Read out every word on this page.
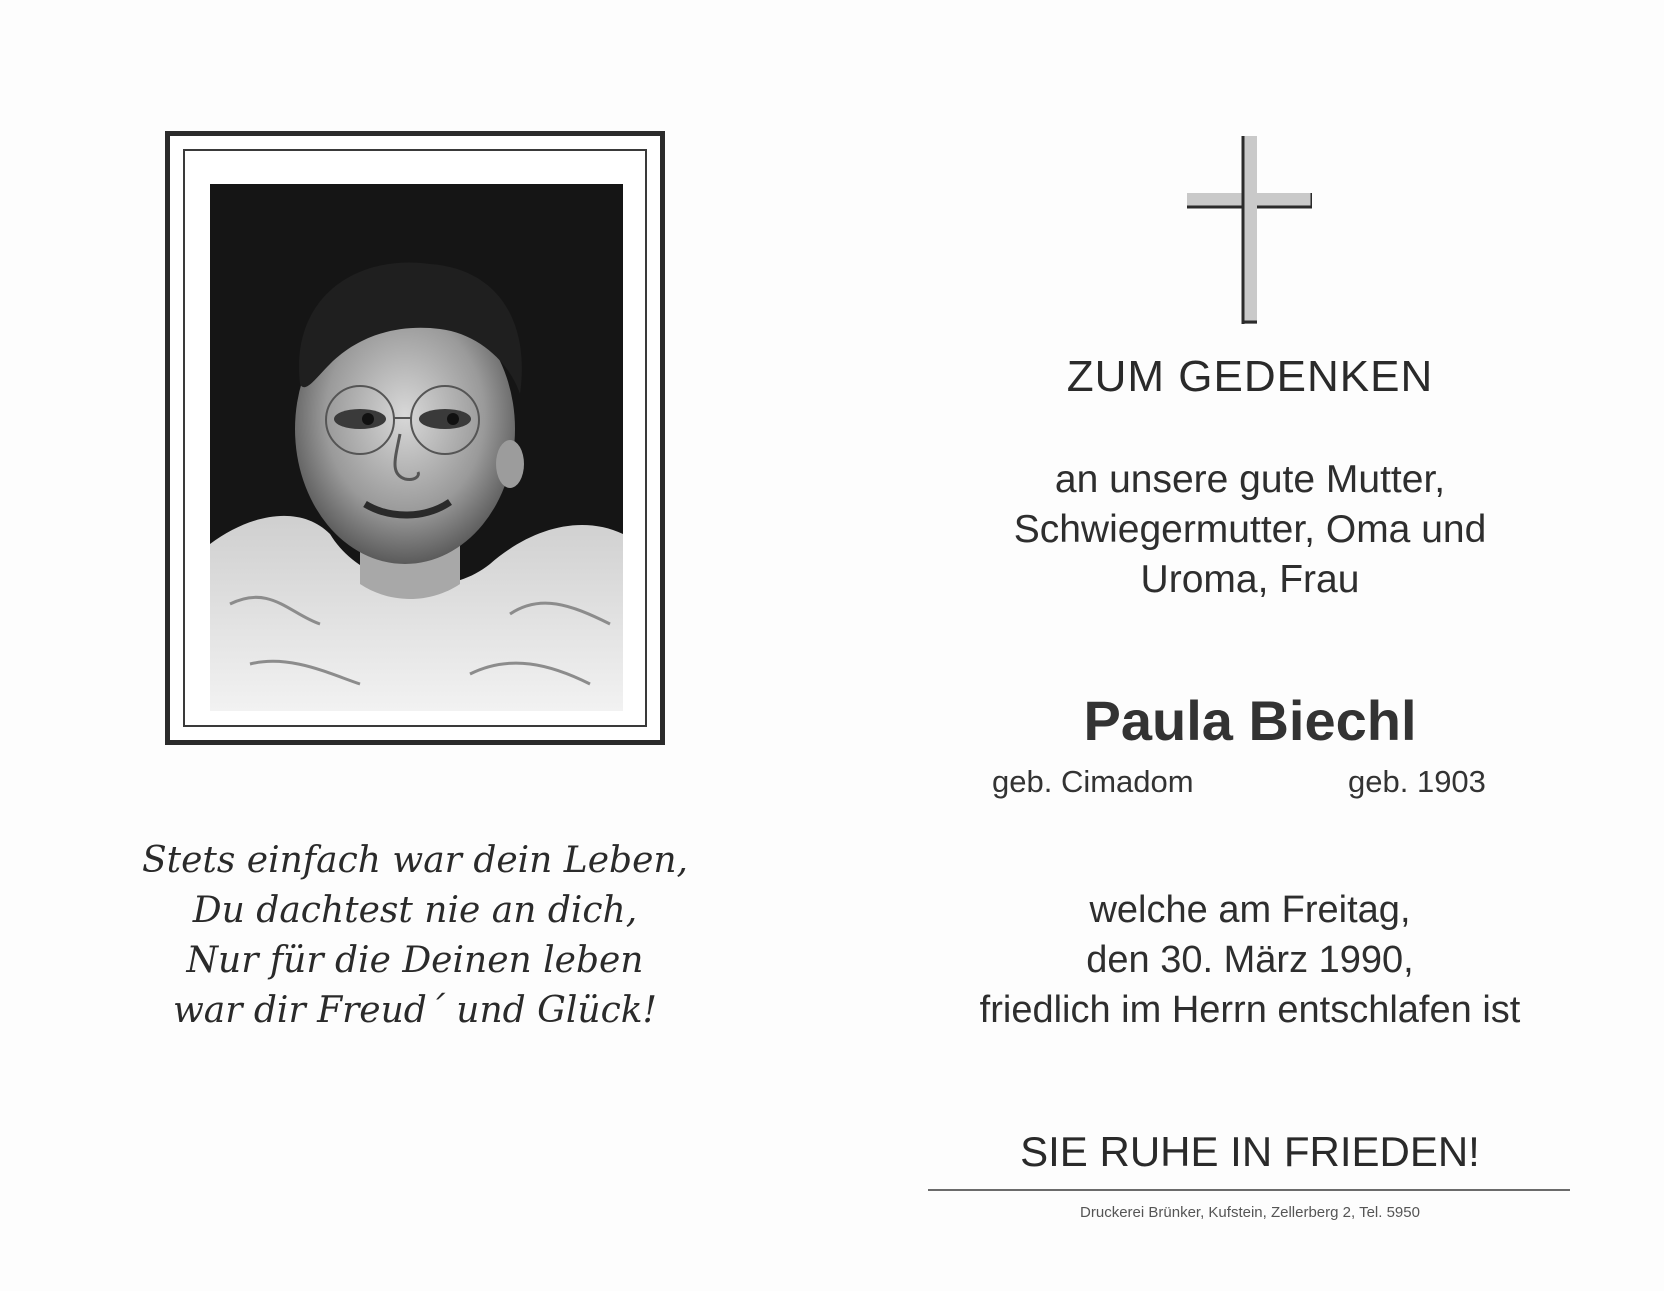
Stets einfach war dein Leben,
Du dachtest nie an dich,
Nur für die Deinen leben
war dir Freud´ und Glück!
ZUM GEDENKEN
an unsere gute Mutter,
Schwiegermutter, Oma und
Uroma, Frau
Paula Biechl
geb. Cimadom	geb. 1903
welche am Freitag,
den 30. März 1990,
friedlich im Herrn entschlafen ist
SIE RUHE IN FRIEDEN!
Druckerei Brünker, Kufstein, Zellerberg 2, Tel. 5950
